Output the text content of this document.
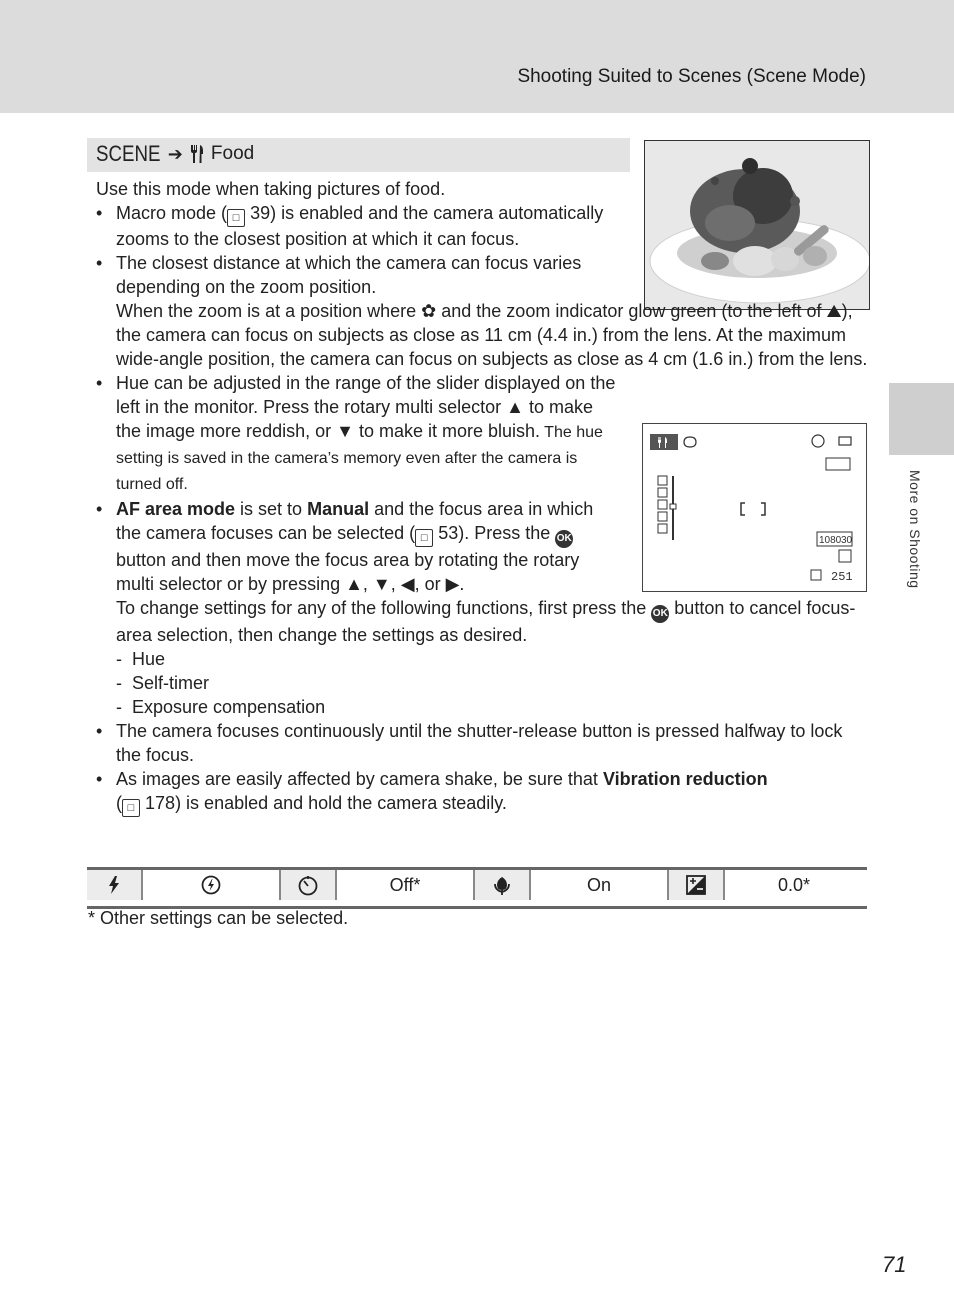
Shooting Suited to Scenes (Scene Mode)
More on Shooting
SCENE ➔ Food
1080 30
251

Use this mode when taking pictures of food.

• Macro mode ( □ 39) is enabled and the camera automatically zooms to the closest position at which it can focus.

• The closest distance at which the camera can focus varies depending on the zoom position.

When the zoom is at a position where ✿ and the zoom indicator glow green (to the left of ⛰), the camera can focus on subjects as close as 11 cm (4.4 in.) from the lens. At the maximum wide-angle position, the camera can focus on subjects as close as 4 cm (1.6 in.) from the lens.

• Hue can be adjusted in the range of the slider displayed on the left in the monitor. Press the rotary multi selector ▲ to make the image more reddish, or ▼ to make it more bluish. The hue setting is saved in the camera’s memory even after the camera is turned off.

• AF area mode is set to Manual and the focus area in which the camera focuses can be selected ( □ 53). Press the OK button and then move the focus area by rotating the rotary multi selector or by pressing ▲, ▼, ◀, or ▶.

To change settings for any of the following functions, first press the OK button to cancel focus-area selection, then change the settings as desired.

-  Hue

-  Self-timer

-  Exposure compensation

• The camera focuses continuously until the shutter-release button is pressed halfway to lock the focus.

• As images are easily affected by camera shake, be sure that Vibration reduction
( □ 178) is enabled and hold the camera steadily.

Off*	On	0.0*
* Other settings can be selected.
71
